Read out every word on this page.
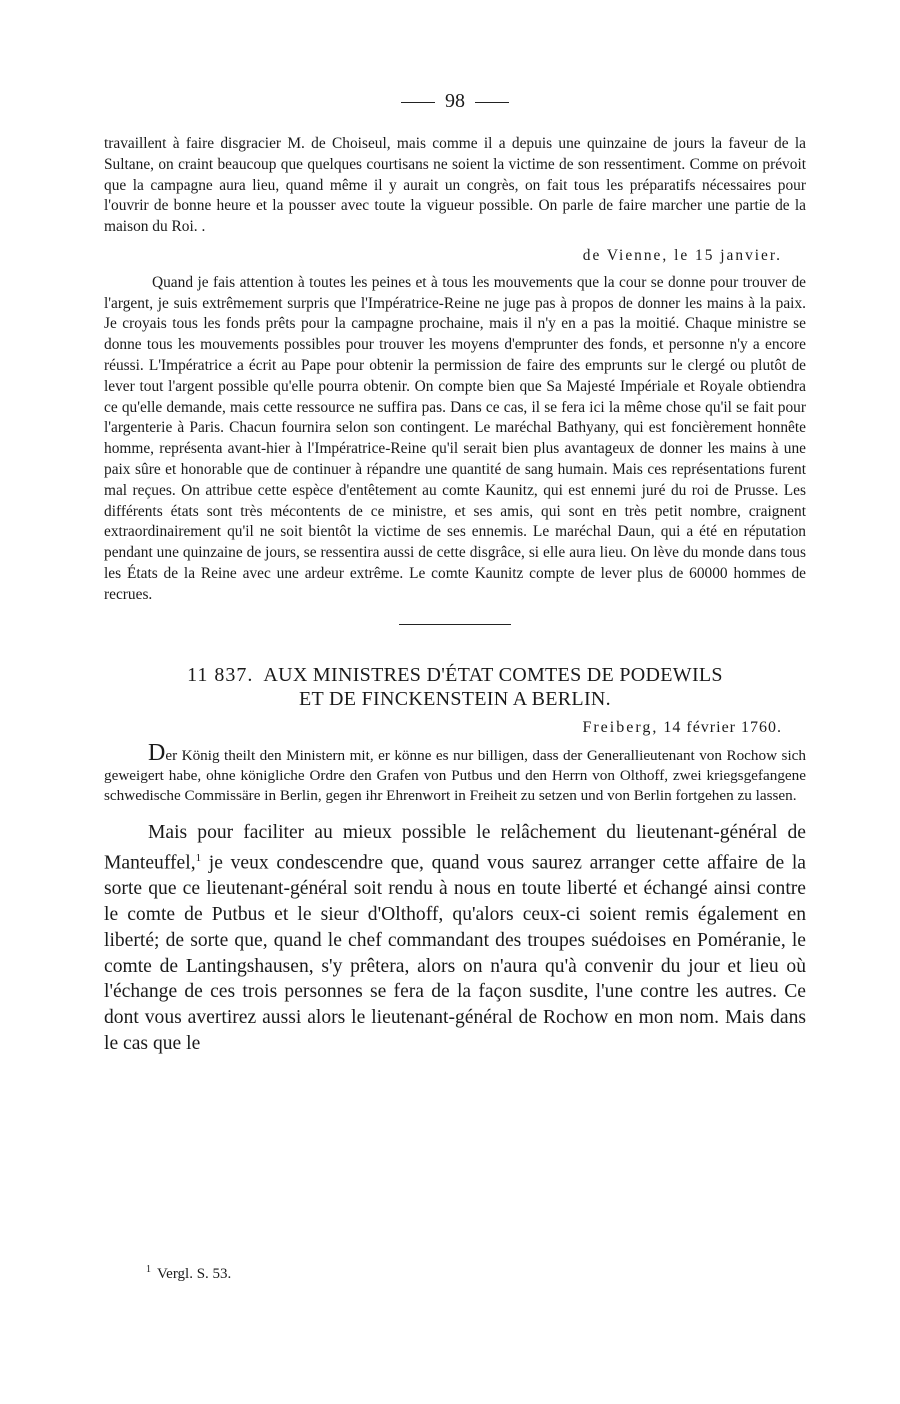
98

travaillent à faire disgracier M. de Choiseul, mais comme il a depuis une quinzaine de jours la faveur de la Sultane, on craint beaucoup que quelques courtisans ne soient la victime de son ressentiment. Comme on prévoit que la campagne aura lieu, quand même il y aurait un congrès, on fait tous les préparatifs nécessaires pour l'ouvrir de bonne heure et la pousser avec toute la vigueur possible. On parle de faire marcher une partie de la maison du Roi. .

de Vienne, le 15 janvier.

Quand je fais attention à toutes les peines et à tous les mouvements que la cour se donne pour trouver de l'argent, je suis extrêmement surpris que l'Impératrice-Reine ne juge pas à propos de donner les mains à la paix. Je croyais tous les fonds prêts pour la campagne prochaine, mais il n'y en a pas la moitié. Chaque ministre se donne tous les mouvements possibles pour trouver les moyens d'emprunter des fonds, et personne n'y a encore réussi. L'Impératrice a écrit au Pape pour obtenir la permission de faire des emprunts sur le clergé ou plutôt de lever tout l'argent possible qu'elle pourra obtenir. On compte bien que Sa Majesté Impériale et Royale obtiendra ce qu'elle demande, mais cette ressource ne suffira pas. Dans ce cas, il se fera ici la même chose qu'il se fait pour l'argenterie à Paris. Chacun fournira selon son contingent. Le maréchal Bathyany, qui est foncièrement honnête homme, représenta avant-hier à l'Impératrice-Reine qu'il serait bien plus avantageux de donner les mains à une paix sûre et honorable que de continuer à répandre une quantité de sang humain. Mais ces représentations furent mal reçues. On attribue cette espèce d'entêtement au comte Kaunitz, qui est ennemi juré du roi de Prusse. Les différents états sont très mécontents de ce ministre, et ses amis, qui sont en très petit nombre, craignent extraordinairement qu'il ne soit bientôt la victime de ses ennemis. Le maréchal Daun, qui a été en réputation pendant une quinzaine de jours, se ressentira aussi de cette disgrâce, si elle aura lieu. On lève du monde dans tous les États de la Reine avec une ardeur extrême. Le comte Kaunitz compte de lever plus de 60000 hommes de recrues.

11 837. AUX MINISTRES D'ÉTAT COMTES DE PODEWILS
ET DE FINCKENSTEIN A BERLIN.
Freiberg, 14 février 1760.

Der König theilt den Ministern mit, er könne es nur billigen, dass der Generallieutenant von Rochow sich geweigert habe, ohne königliche Ordre den Grafen von Putbus und den Herrn von Olthoff, zwei kriegsgefangene schwedische Commissäre in Berlin, gegen ihr Ehrenwort in Freiheit zu setzen und von Berlin fortgehen zu lassen.

Mais pour faciliter au mieux possible le relâchement du lieutenant-général de Manteuffel,$^1$ je veux condescendre que, quand vous saurez arranger cette affaire de la sorte que ce lieutenant-général soit rendu à nous en toute liberté et échangé ainsi contre le comte de Putbus et le sieur d'Olthoff, qu'alors ceux-ci soient remis également en liberté; de sorte que, quand le chef commandant des troupes suédoises en Poméranie, le comte de Lantingshausen, s'y prêtera, alors on n'aura qu'à convenir du jour et lieu où l'échange de ces trois personnes se fera de la façon susdite, l'une contre les autres. Ce dont vous avertirez aussi alors le lieutenant-général de Rochow en mon nom. Mais dans le cas que le

$^1$ Vergl. S. 53.
